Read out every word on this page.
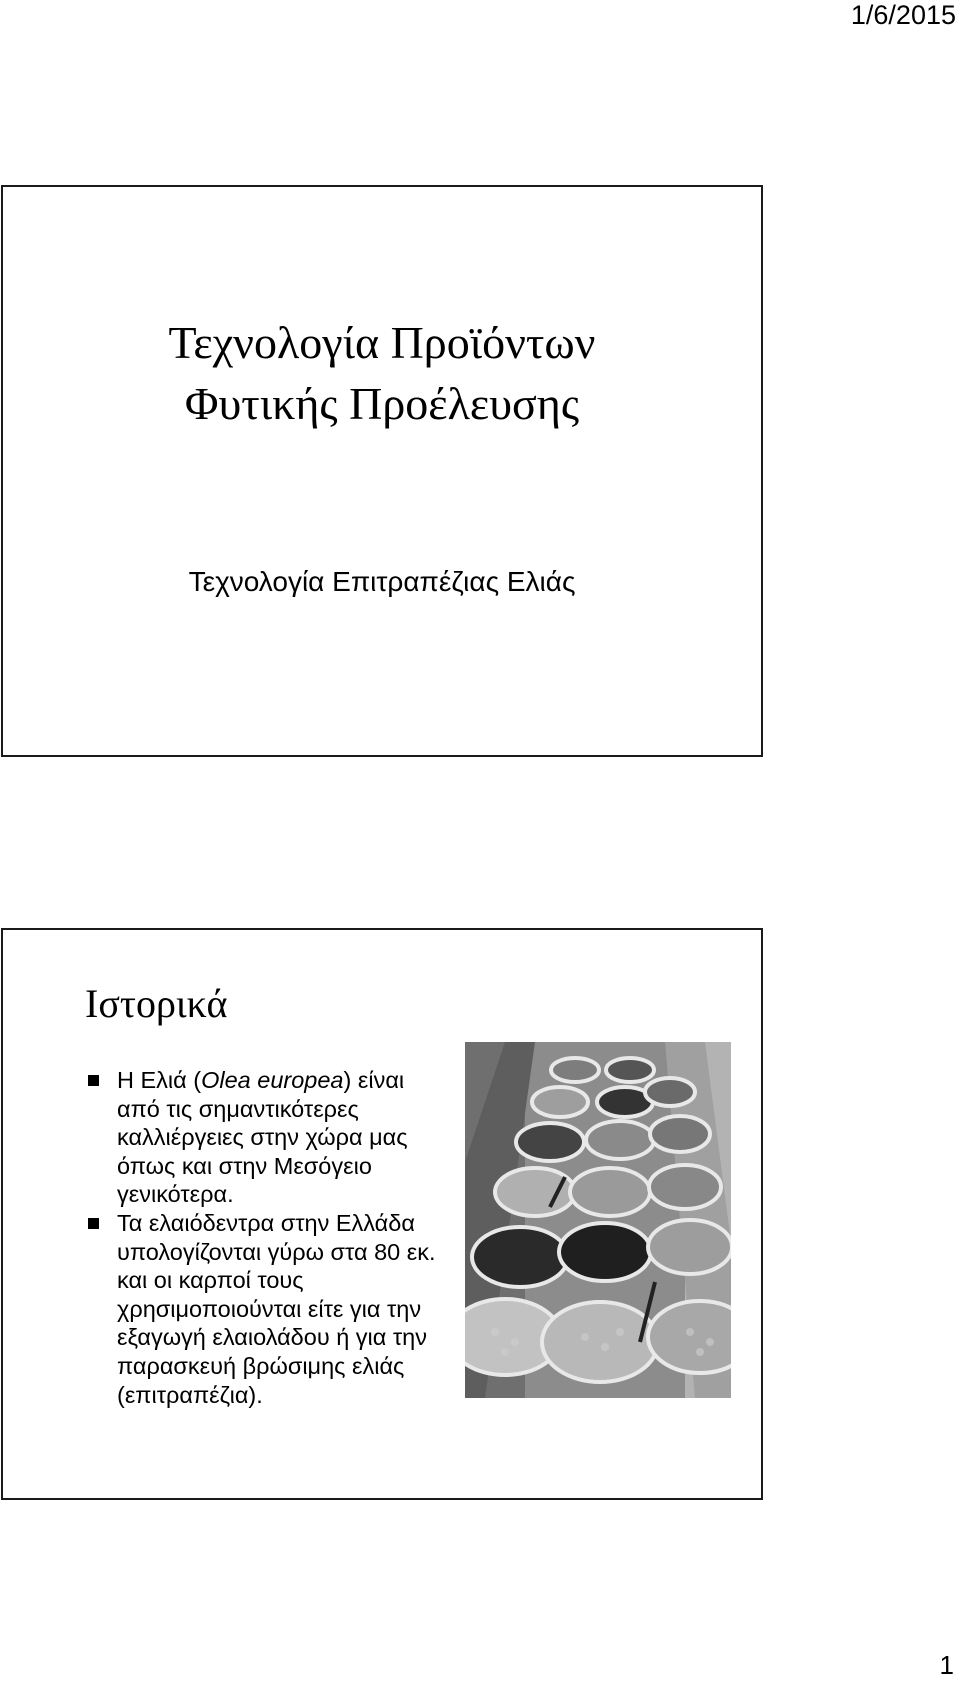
1/6/2015
Τεχνολογία Προϊόντων
Φυτικής Προέλευσης
Τεχνολογία Επιτραπέζιας Ελιάς
Ιστορικά
Η Ελιά (Olea europea) είναι
από τις σημαντικότερες
καλλιέργειες στην χώρα μας
όπως και στην Μεσόγειο
γενικότερα.
Τα ελαιόδεντρα στην Ελλάδα
υπολογίζονται γύρω στα 80 εκ.
και οι καρποί τους
χρησιμοποιούνται είτε για την
εξαγωγή ελαιολάδου ή για την
παρασκευή βρώσιμης ελιάς
(επιτραπέζια).
1
